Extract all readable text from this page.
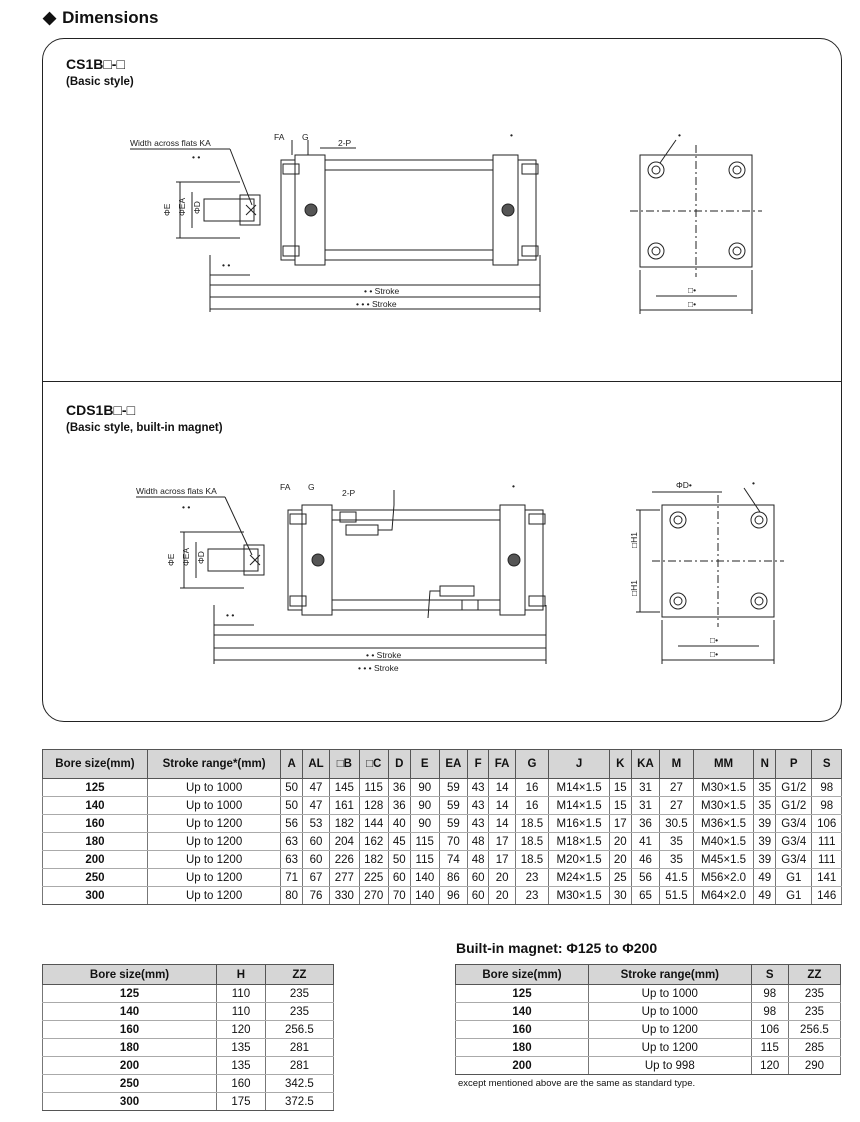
◆ Dimensions
CS1B□-□
(Basic style)
CDS1B□-□
(Basic style, built-in magnet)
Width across flats KA
FA G
2-P
• • Stroke
• • • Stroke
□•
□•
• •
• •
•	•
ΦE ΦEA ΦD
Width across flats KA	FA G
2-P
• • Stroke
• • • Stroke
□•
□•
ΦD•
• •
• •
•	•
ΦE ΦEA ΦD
□H1
□H1
Bore size(mm)	Stroke range*(mm)	A	AL	□B	□C	D	E	EA	F	FA	G	J	K	KA	M	MM	N	P	S
125	Up to 1000	50	47	145	115	36	90	59	43	14	16	M14×1.5	15	31	27	M30×1.5	35	G1/2	98
140	Up to 1000	50	47	161	128	36	90	59	43	14	16	M14×1.5	15	31	27	M30×1.5	35	G1/2	98
160	Up to 1200	56	53	182	144	40	90	59	43	14	18.5	M16×1.5	17	36	30.5	M36×1.5	39	G3/4	106
180	Up to 1200	63	60	204	162	45	115	70	48	17	18.5	M18×1.5	20	41	35	M40×1.5	39	G3/4	111
200	Up to 1200	63	60	226	182	50	115	74	48	17	18.5	M20×1.5	20	46	35	M45×1.5	39	G3/4	111
250	Up to 1200	71	67	277	225	60	140	86	60	20	23	M24×1.5	25	56	41.5	M56×2.0	49	G1	141
300	Up to 1200	80	76	330	270	70	140	96	60	20	23	M30×1.5	30	65	51.5	M64×2.0	49	G1	146
Bore size(mm)	H	ZZ
125	110	235
140	110	235
160	120	256.5
180	135	281
200	135	281
250	160	342.5
300	175	372.5
Built-in magnet: Φ125 to Φ200
Bore size(mm)	Stroke range(mm)	S	ZZ
125	Up to 1000	98	235
140	Up to 1000	98	235
160	Up to 1200	106	256.5
180	Up to 1200	115	285
200	Up to 998	120	290
except mentioned above are the same as standard type.
